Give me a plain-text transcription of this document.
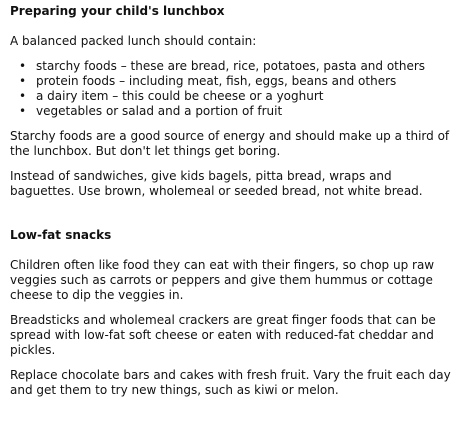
Preparing your child's lunchbox
A balanced packed lunch should contain:
• starchy foods – these are bread, rice, potatoes, pasta and others
• protein foods – including meat, fish, eggs, beans and others
• a dairy item – this could be cheese or a yoghurt
• vegetables or salad and a portion of fruit
Starchy foods are a good source of energy and should make up a third of the lunchbox. But don't let things get boring.
Instead of sandwiches, give kids bagels, pitta bread, wraps and baguettes. Use brown, wholemeal or seeded bread, not white bread.
Low-fat snacks
Children often like food they can eat with their fingers, so chop up raw veggies such as carrots or peppers and give them hummus or cottage cheese to dip the veggies in.
Breadsticks and wholemeal crackers are great finger foods that can be spread with low-fat soft cheese or eaten with reduced-fat cheddar and pickles.
Replace chocolate bars and cakes with fresh fruit. Vary the fruit each day and get them to try new things, such as kiwi or melon.
